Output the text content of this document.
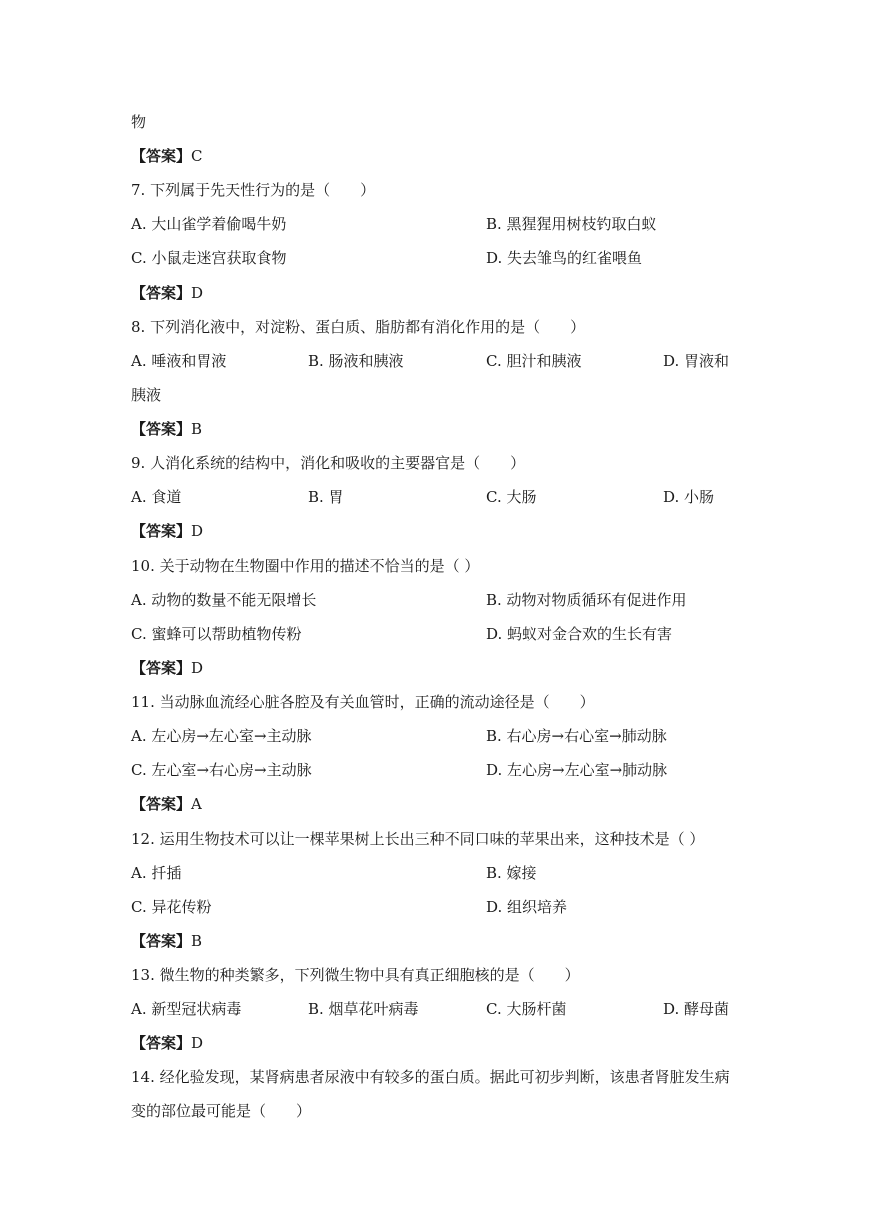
物
【答案】C
7. 下列属于先天性行为的是（　　）
A. 大山雀学着偷喝牛奶	B. 黑猩猩用树枝钓取白蚁
C. 小鼠走迷宫获取食物	D. 失去雏鸟的红雀喂鱼
【答案】D
8. 下列消化液中，对淀粉、蛋白质、脂肪都有消化作用的是（　　）
A. 唾液和胃液	B. 肠液和胰液	C. 胆汁和胰液	D. 胃液和
胰液
【答案】B
9. 人消化系统的结构中，消化和吸收的主要器官是（　　）
A. 食道	B. 胃	C. 大肠	D. 小肠
【答案】D
10. 关于动物在生物圈中作用的描述不恰当的是（ ）
A. 动物的数量不能无限增长	B. 动物对物质循环有促进作用
C. 蜜蜂可以帮助植物传粉	D. 蚂蚁对金合欢的生长有害
【答案】D
11. 当动脉血流经心脏各腔及有关血管时，正确的流动途径是（　　）
A. 左心房→左心室→主动脉	B. 右心房→右心室→肺动脉
C. 左心室→右心房→主动脉	D. 左心房→左心室→肺动脉
【答案】A
12. 运用生物技术可以让一棵苹果树上长出三种不同口味的苹果出来，这种技术是（ ）
A. 扦插	B. 嫁接
C. 异花传粉	D. 组织培养
【答案】B
13. 微生物的种类繁多，下列微生物中具有真正细胞核的是（　　）
A. 新型冠状病毒	B. 烟草花叶病毒	C. 大肠杆菌	D. 酵母菌
【答案】D
14. 经化验发现，某肾病患者尿液中有较多的蛋白质。据此可初步判断，该患者肾脏发生病
变的部位最可能是（　　）
